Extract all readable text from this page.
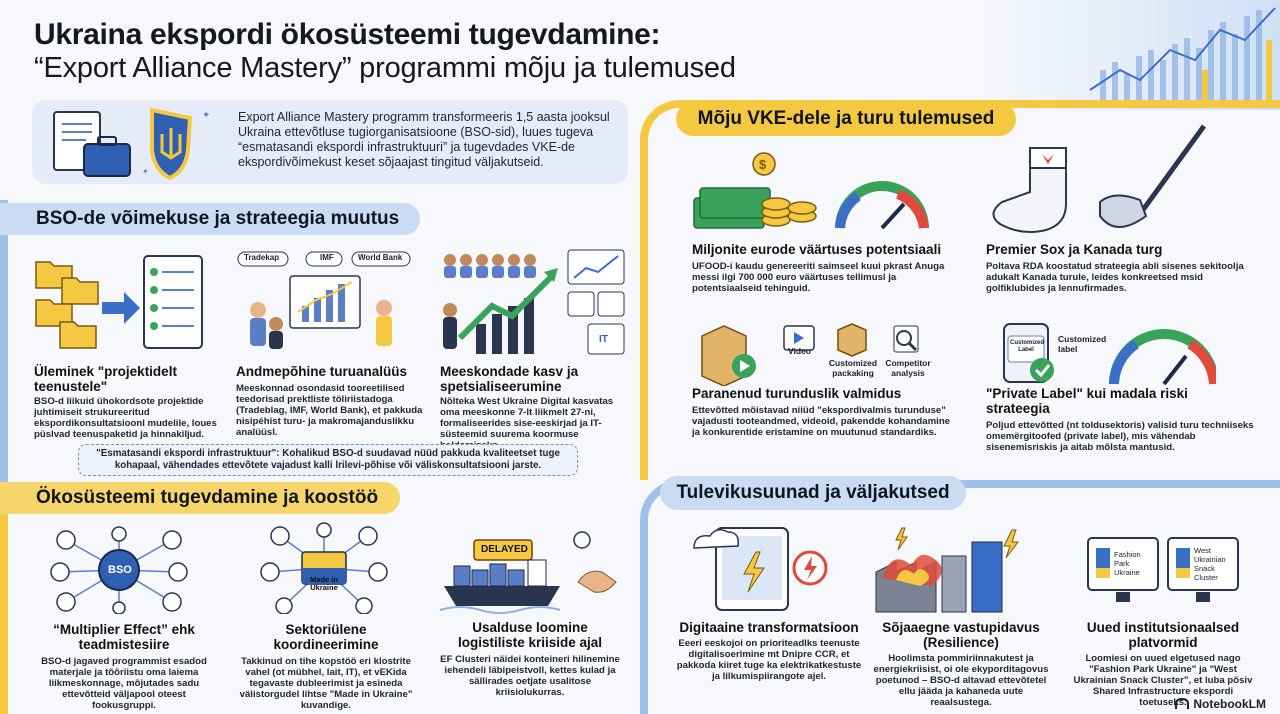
Ukraina ekspordi ökosüsteemi tugevdamine:
“Export Alliance Mastery” programmi mõju ja tulemused
✦
✦
Export Alliance Mastery programm transformeeris 1,5 aasta jooksul Ukraina ettevõtluse tugiorganisatsioone (BSO-sid), luues tugeva “esmatasandi ekspordi infrastruktuuri” ja tugevdades VKE-de ekspordivõimekust keset sõjaajast tingitud väljakutseid.
BSO-de võimekuse ja strateegia muutus
Tradekap	IMF	World Bank
IT
Üleminek "projektidelt teenustele"
BSO-d liikuid ühokordsote projektide juhtimiseit strukureeritud ekspordikonsultatsioonl mudelile, loues püslvad teenuspaketid ja hinnakiljud.
Andmepõhine turuanalüüs
Meeskonnad osondasid tooreetilised teedorisad prektliste töliriistadoga (Tradeblag, IMF, World Bank), et pakkuda nisipéhist turu- ja makromajanduslikku analüüsl.
Meeskondade kasv ja spetsialiseerumine
Nõlteka West Ukraine Digital kasvatas oma meeskonne 7-lt liikmelt 27-ni, formaliseerides sise-eeskirjad ja IT-süsteemid suurema koormuse
"Esmatasandi ekspordi infrastruktuur": Kohalikud BSO-d suudavad nüüd pakkuda kvaliteetset tuge kohapaal, vähendades ettevõtete vajadust kalli lrilevi-põhise või väliskonsultatsiooni jarste.
Ökosüsteemi tugevdamine ja koostöö
BSO
Made in Ukraine
DELAYED
“Multiplier Effect” ehk teadmistesiire
BSO-d jagaved programmist esadod materjale ja tõõriistu oma laiema liikmeskonnage, mõjutades sadu ettevõtteid väljapool oteest fookusgruppi.
Sektoriülene koordineerimine
Takkinud on tihe kopstöö eri klostrite vahel (ot mübhel, lait, IT), et vEKida tegavaste dubleerimist ja esineda välistorgudel lihtse "Made in Ukraine" kuvandige.
Usalduse loomine logistiliste kriiside ajal
EF Clusteri näidei konteineri hilinemine iehendeli läbipeistvoll, kettes kulad ja sällirades oetjate usalitose kriisiolukurras.
Mõju VKE-dele ja turu tulemused
$
Video
Customized packaking
Competitor analysis
Customized Label
Customized label
Miljonite eurode väärtuses potentsiaali
UFOOD-i kaudu genereeriti saimseel kuui pkrast Anuga messi ilgi 700 000 euro väärtuses tellimusl ja potentsiaalseid tehinguid.
Premier Sox ja Kanada turg
Poltava RDA koostatud strateegia abli sisenes sekitoolja adukalt Kanada turule, leides konkreetsed msid golfiklubides ja lennufirmades.
Paranenud turunduslik valmidus
Ettevõtted mõistavad niiüd "ekspordivalmis turunduse" vajadusti tooteandmed, videoid, pakendde kohandamine ja konkurentide eristamine on muutunud standardiks.
"Private Label" kui madala riski strateegia
Poljud ettevõtted (nt toldusektoris) valisid turu techniiseks omemërgitoofed (private label), mis vähendab sisenemisriskis ja aitab mõlsta mantusid.
Tulevikusuunad ja väljakutsed
Fashion Park Ukraine
West Ukrainian Snack Cluster
Digitaaine transformatsioon
Eeeri eeskojoi on prioriteadlks teenuste digitalisoerimine mt Dnipre CCR, et pakkoda kiiret tuge ka elektrikatkestuste ja lilkumispiirangote ajel.
Sõjaaegne vastupidavus (Resilience)
Hoolimsta pommiriinnakutest ja energiekriisist, oi ole ekyporditagovus poetunod – BSO-d altavad ettevõtetel ellu jääda ja kahaneda uute reaalsustega.
Uued institutsionaalsed platvormid
Loomiesi on uued elgetused nago "Fashion Park Ukraine" ja "West Ukrainian Snack Cluster", et luba põsiv Shared Infrastructure ekspordi toetuseks. NotebookLM
